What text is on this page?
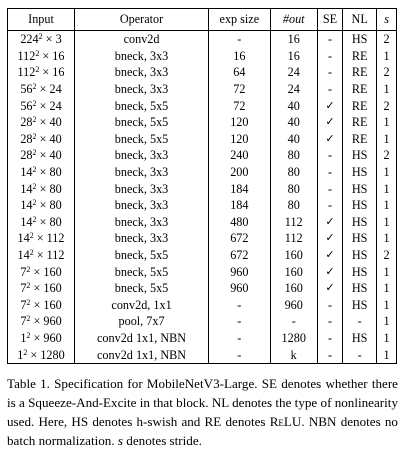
Input	Operator	exp size	#out	SE	NL	s
$224^2 \times 3$	conv2d	-	16	-	HS	2
$112^2 \times 16$	bneck, 3x3	16	16	-	RE	1
$112^2 \times 16$	bneck, 3x3	64	24	-	RE	2
$56^2 \times 24$	bneck, 3x3	72	24	-	RE	1
$56^2 \times 24$	bneck, 5x5	72	40	✓	RE	2
$28^2 \times 40$	bneck, 5x5	120	40	✓	RE	1
$28^2 \times 40$	bneck, 5x5	120	40	✓	RE	1
$28^2 \times 40$	bneck, 3x3	240	80	-	HS	2
$14^2 \times 80$	bneck, 3x3	200	80	-	HS	1
$14^2 \times 80$	bneck, 3x3	184	80	-	HS	1
$14^2 \times 80$	bneck, 3x3	184	80	-	HS	1
$14^2 \times 80$	bneck, 3x3	480	112	✓	HS	1
$14^2 \times 112$	bneck, 3x3	672	112	✓	HS	1
$14^2 \times 112$	bneck, 5x5	672	160	✓	HS	2
$7^2 \times 160$	bneck, 5x5	960	160	✓	HS	1
$7^2 \times 160$	bneck, 5x5	960	160	✓	HS	1
$7^2 \times 160$	conv2d, 1x1	-	960	-	HS	1
$7^2 \times 960$	pool, 7x7	-	-	-	-	1
$1^2 \times 960$	conv2d 1x1, NBN	-	1280	-	HS	1
$1^2 \times 1280$	conv2d 1x1, NBN	-	k	-	-	1
Table 1. Specification for MobileNetV3-Large. SE denotes whether there is a Squeeze-And-Excite in that block. NL denotes the type of nonlinearity used. Here, HS denotes h-swish and RE denotes ReLU. NBN denotes no batch normalization. s denotes stride.
